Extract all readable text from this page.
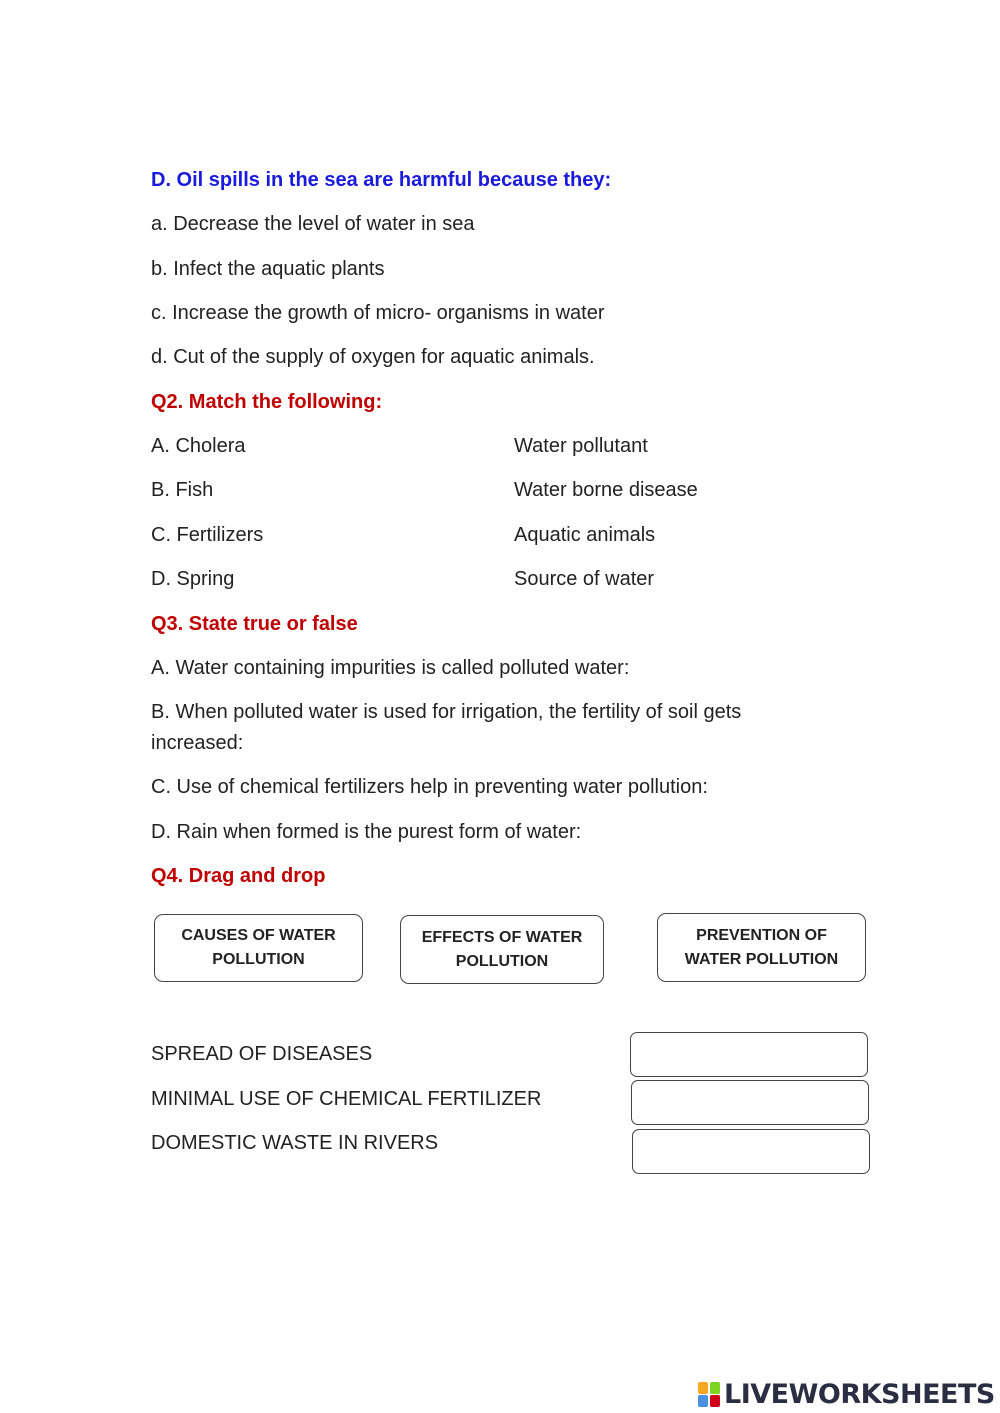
D. Oil spills in the sea are harmful because they:
a. Decrease the level of water in sea
b. Infect the aquatic plants
c. Increase the growth of micro- organisms in water
d. Cut of the supply of oxygen for aquatic animals.
Q2. Match the following:
A. Cholera	Water pollutant
B. Fish	Water borne disease
C. Fertilizers	Aquatic animals
D. Spring	Source of water
Q3. State true or false
A. Water containing impurities is called polluted water:
B. When polluted water is used for irrigation, the fertility of soil gets increased:
C. Use of chemical fertilizers help in preventing water pollution:
D. Rain when formed is the purest form of water:
Q4. Drag and drop
CAUSES OF WATER POLLUTION
EFFECTS OF WATER POLLUTION
PREVENTION OF WATER POLLUTION
SPREAD OF DISEASES
MINIMAL USE OF CHEMICAL FERTILIZER
DOMESTIC WASTE IN RIVERS
LIVEWORKSHEETS
